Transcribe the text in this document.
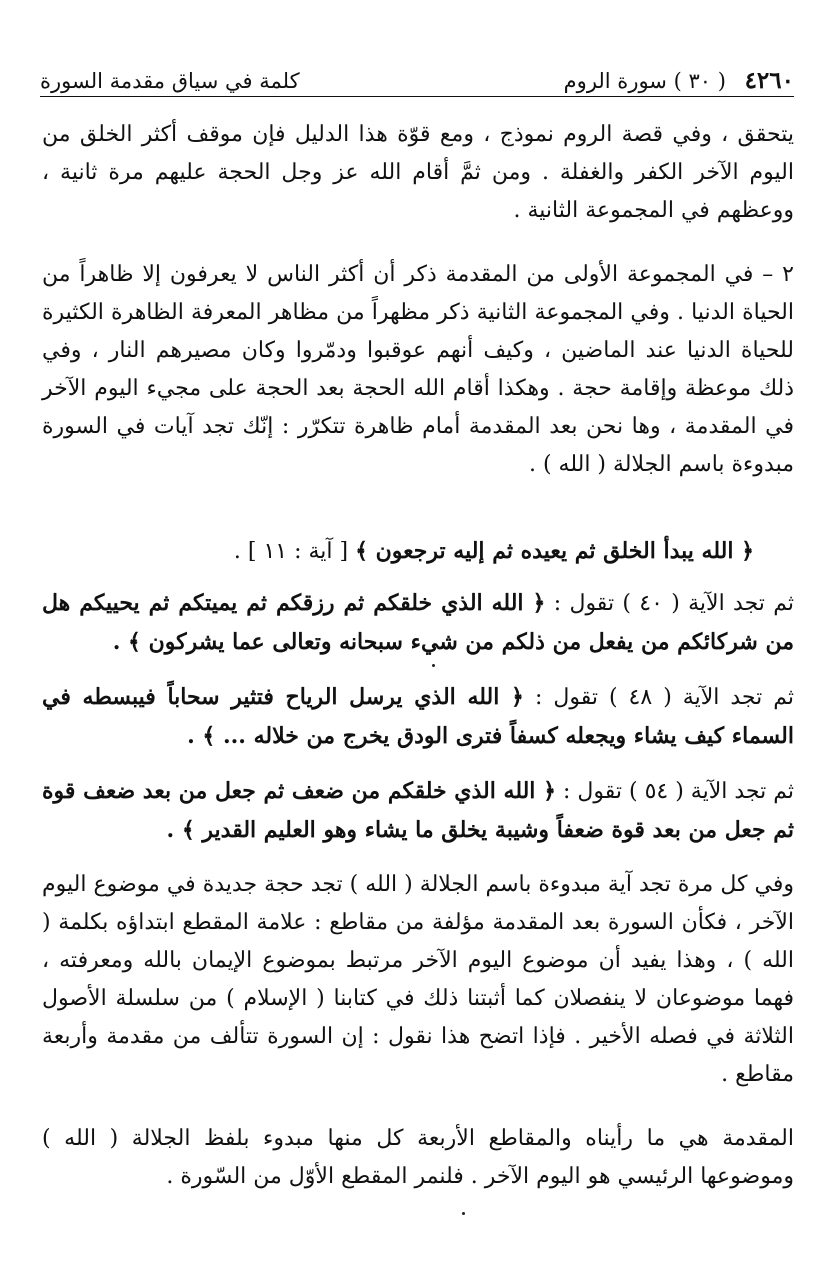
٤٢٦٠ ( ٣٠ ) سورة الروم
كلمة في سياق مقدمة السورة
يتحقق ، وفي قصة الروم نموذج ، ومع قوّة هذا الدليل فإن موقف أكثر الخلق من اليوم الآخر الكفر والغفلة . ومن ثمَّ أقام الله عز وجل الحجة عليهم مرة ثانية ، ووعظهم في المجموعة الثانية .
٢ – في المجموعة الأولى من المقدمة ذكر أن أكثر الناس لا يعرفون إلا ظاهراً من الحياة الدنيا . وفي المجموعة الثانية ذكر مظهراً من مظاهر المعرفة الظاهرة الكثيرة للحياة الدنيا عند الماضين ، وكيف أنهم عوقبوا ودمّروا وكان مصيرهم النار ، وفي ذلك موعظة وإقامة حجة . وهكذا أقام الله الحجة بعد الحجة على مجيء اليوم الآخر في المقدمة ، وها نحن بعد المقدمة أمام ظاهرة تتكرّر : إنّك تجد آيات في السورة مبدوءة باسم الجلالة ( الله ) .
﴿ الله يبدأ الخلق ثم يعيده ثم إليه ترجعون ﴾ [ آية : ١١ ] .
ثم تجد الآية ( ٤٠ ) تقول : ﴿ الله الذي خلقكم ثم رزقكم ثم يميتكم ثم يحييكم هل من شركائكم من يفعل من ذلكم من شيء سبحانه وتعالى عما يشركون ﴾ .
ثم تجد الآية ( ٤٨ ) تقول : ﴿ الله الذي يرسل الرياح فتثير سحاباً فيبسطه في السماء كيف يشاء ويجعله كسفاً فترى الودق يخرج من خلاله ... ﴾ .
ثم تجد الآية ( ٥٤ ) تقول : ﴿ الله الذي خلقكم من ضعف ثم جعل من بعد ضعف قوة ثم جعل من بعد قوة ضعفاً وشيبة يخلق ما يشاء وهو العليم القدير ﴾ .
وفي كل مرة تجد آية مبدوءة باسم الجلالة ( الله ) تجد حجة جديدة في موضوع اليوم الآخر ، فكأن السورة بعد المقدمة مؤلفة من مقاطع : علامة المقطع ابتداؤه بكلمة ( الله ) ، وهذا يفيد أن موضوع اليوم الآخر مرتبط بموضوع الإيمان بالله ومعرفته ، فهما موضوعان لا ينفصلان كما أثبتنا ذلك في كتابنا ( الإسلام ) من سلسلة الأصول الثلاثة في فصله الأخير . فإذا اتضح هذا نقول : إن السورة تتألف من مقدمة وأربعة مقاطع .
المقدمة هي ما رأيناه والمقاطع الأربعة كل منها مبدوء بلفظ الجلالة ( الله ) وموضوعها الرئيسي هو اليوم الآخر . فلنمر المقطع الأوّل من السّورة .
